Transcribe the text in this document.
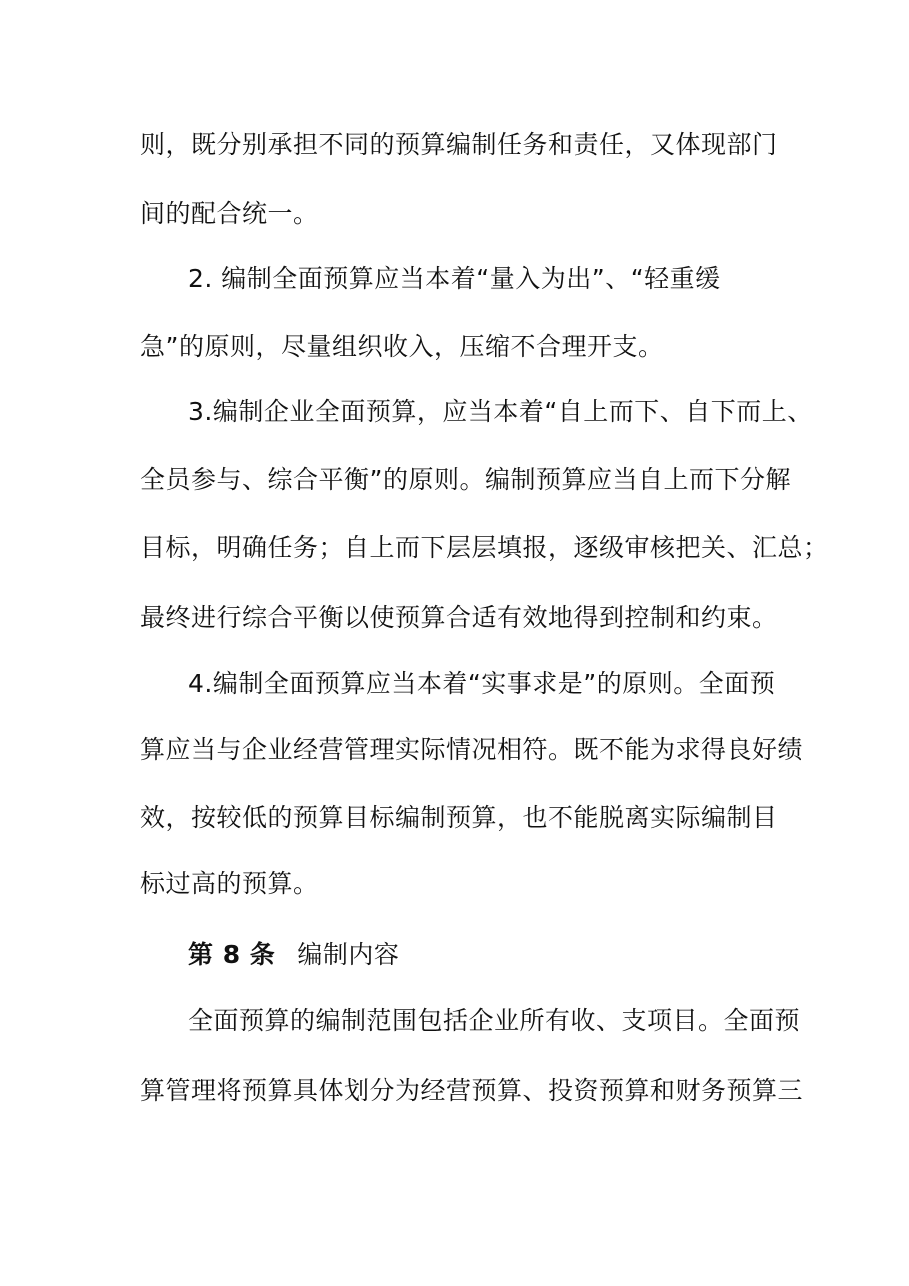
则，既分别承担不同的预算编制任务和责任，又体现部门
间的配合统一。
2. 编制全面预算应当本着“量入为出”、“轻重缓
急”的原则，尽量组织收入，压缩不合理开支。
3.编制企业全面预算，应当本着“自上而下、自下而上、
全员参与、综合平衡”的原则。编制预算应当自上而下分解
目标，明确任务；自上而下层层填报，逐级审核把关、汇总；
最终进行综合平衡以使预算合适有效地得到控制和约束。
4.编制全面预算应当本着“实事求是”的原则。全面预
算应当与企业经营管理实际情况相符。既不能为求得良好绩
效，按较低的预算目标编制预算，也不能脱离实际编制目
标过高的预算。
第 8 条 编制内容
全面预算的编制范围包括企业所有收、支项目。全面预
算管理将预算具体划分为经营预算、投资预算和财务预算三
